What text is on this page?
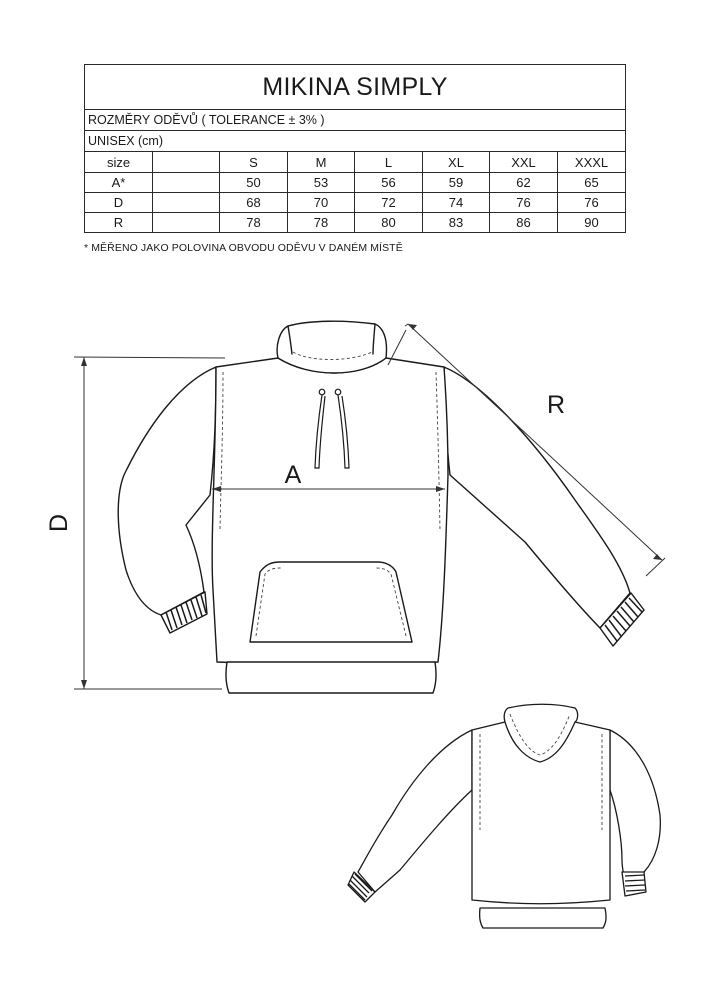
MIKINA SIMPLY							
ROZMĚRY ODĚVŮ ( TOLERANCE ± 3% )							
UNISEX (cm)							
size		S	M	L	XL	XXL	XXXL
A*		50	53	56	59	62	65
D		68	70	72	74	76	76
R		78	78	80	83	86	90
* MĚŘENO JAKO POLOVINA OBVODU ODĚVU V DANÉM MÍSTĚ
D
A
R
